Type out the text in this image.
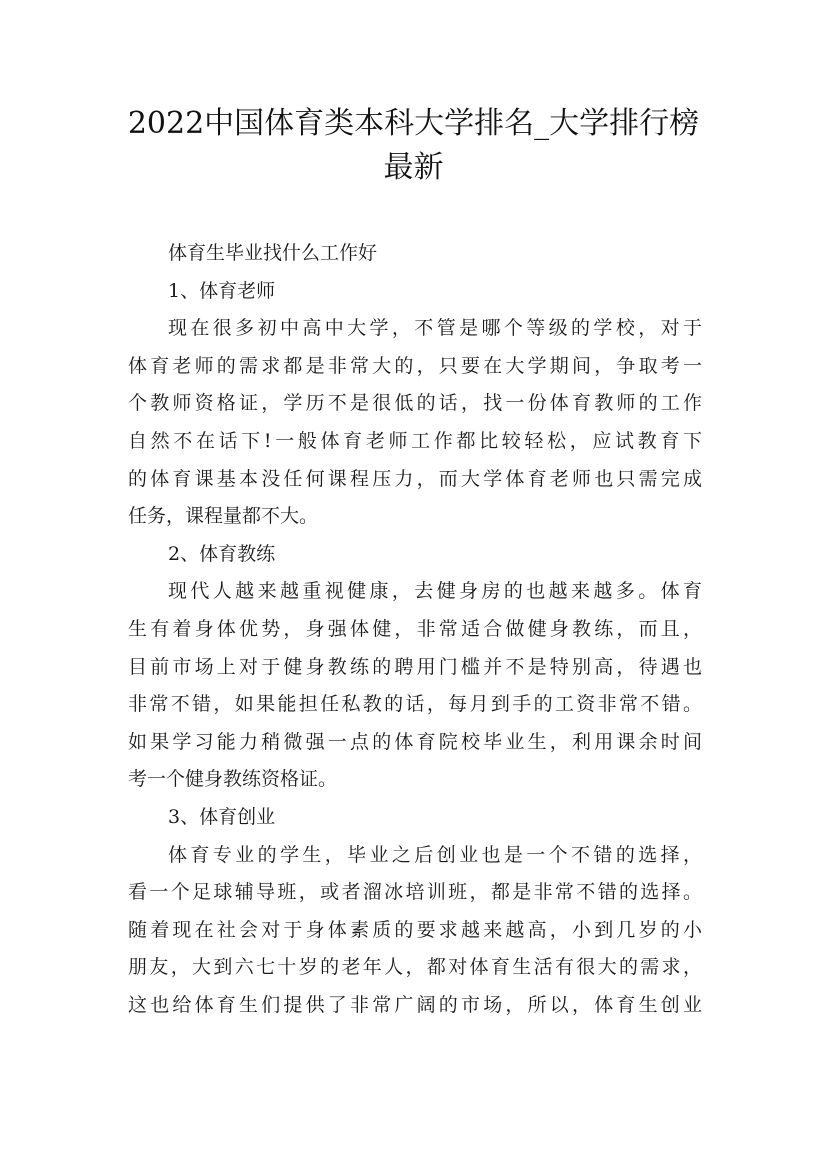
2022中国体育类本科大学排名_大学排行榜
最新
体育生毕业找什么工作好
1、体育老师
现在很多初中高中大学，不管是哪个等级的学校，对于
体育老师的需求都是非常大的，只要在大学期间，争取考一
个教师资格证，学历不是很低的话，找一份体育教师的工作
自然不在话下!一般体育老师工作都比较轻松，应试教育下
的体育课基本没任何课程压力，而大学体育老师也只需完成
任务，课程量都不大。
2、体育教练
现代人越来越重视健康，去健身房的也越来越多。体育
生有着身体优势，身强体健，非常适合做健身教练，而且，
目前市场上对于健身教练的聘用门槛并不是特别高，待遇也
非常不错，如果能担任私教的话，每月到手的工资非常不错。
如果学习能力稍微强一点的体育院校毕业生，利用课余时间
考一个健身教练资格证。
3、体育创业
体育专业的学生，毕业之后创业也是一个不错的选择，
看一个足球辅导班，或者溜冰培训班，都是非常不错的选择。
随着现在社会对于身体素质的要求越来越高，小到几岁的小
朋友，大到六七十岁的老年人，都对体育生活有很大的需求，
这也给体育生们提供了非常广阔的市场，所以，体育生创业
